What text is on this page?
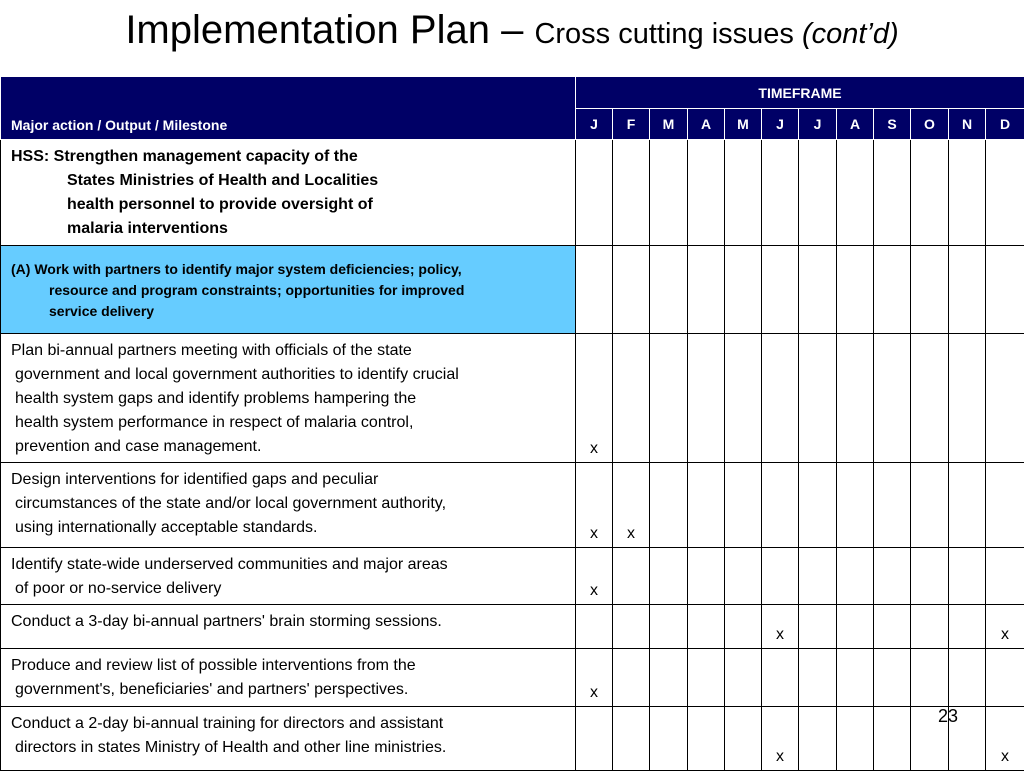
Implementation Plan – Cross cutting issues (cont’d)
Major action / Output / Milestone	TIMEFRAME											
	J	F	M	A	M	J	J	A	S	O	N	D

HSS: Strengthen management capacity of the
States Ministries of Health and Localities
health personnel to provide oversight of
malaria interventions												

(A) Work with partners to identify major system deficiencies; policy,
resource and program constraints; opportunities for improved
service delivery												

Plan bi-annual partners meeting with officials of the state
government and local government authorities to identify crucial
health system gaps and identify problems hampering the
health system performance in respect of malaria control,
prevention and case management.	x											

Design interventions for identified gaps and peculiar
circumstances of the state and/or local government authority,
using internationally acceptable standards.	x	x										

Identify state-wide underserved communities and major areas
of poor or no-service delivery	x											

Conduct a 3-day bi-annual partners' brain storming sessions.						x						x

Produce and review list of possible interventions from the
government's, beneficiaries' and partners' perspectives.	x											

Conduct a 2-day bi-annual training for directors and assistant
directors in states Ministry of Health and other line ministries.						x						x
23
